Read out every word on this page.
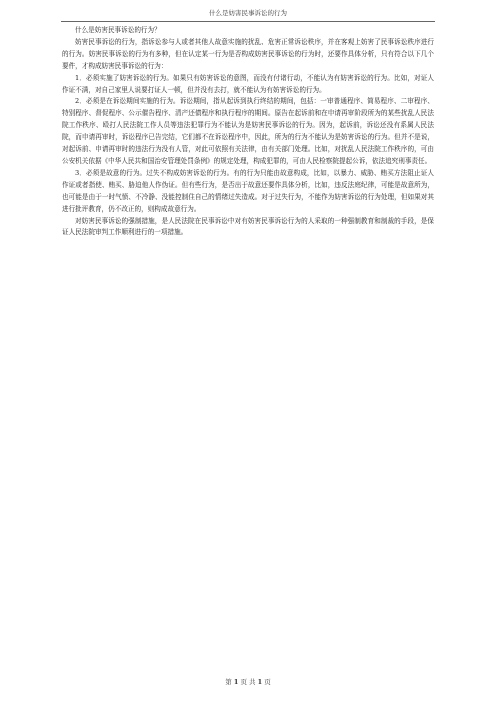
什么是妨害民事诉讼的行为

什么是妨害民事诉讼的行为？

妨害民事诉讼的行为，指诉讼参与人或者其他人故意实施的扰乱、危害正常诉讼秩序，并在客观上妨害了民事诉讼秩序进行的行为。妨害民事诉讼的行为有多种，但在认定某一行为是否构成妨害民事诉讼的行为时，还要作具体分析，只有符合以下几个要件，才构成妨害民事诉讼的行为：

1．必须实施了妨害诉讼的行为。如果只有妨害诉讼的意图，而没有付诸行动，不能认为有妨害诉讼的行为。比如，对证人作证不满，对自己家里人说要打证人一顿，但并没有去打，就不能认为有妨害诉讼的行为。

2．必须是在诉讼期间实施的行为。诉讼期间，指从起诉到执行终结的期间，包括：一审普通程序、简易程序、二审程序、特别程序、督促程序、公示催告程序、清产还债程序和执行程序的期间。原告在起诉前和在申请再审阶段所为的某些扰乱人民法院工作秩序、殴打人民法院工作人员等违法犯罪行为不能认为是妨害民事诉讼的行为。因为，起诉前，诉讼还没有系属人民法院，而申请再审时，诉讼程序已告完结，它们都不在诉讼程序中，因此，所为的行为不能认为是妨害诉讼的行为。但并不是说，对起诉前、申请再审时的违法行为没有人管，对此可依照有关法律，由有关部门处理。比如，对扰乱人民法院工作秩序的，可由公安机关依据《中华人民共和国治安管理处罚条例》的规定处理，构成犯罪的，可由人民检察院提起公诉，依法追究刑事责任。

3．必须是故意的行为。过失不构成妨害诉讼的行为。有的行为只能由故意构成，比如，以暴力、威胁、贿买方法阻止证人作证或者指使、贿买、胁迫他人作伪证。但有些行为，是否出于故意还要作具体分析，比如，违反法庭纪律，可能是故意所为，也可能是由于一时气愤、不冷静、没能控制住自己的情绪过失造成。对于过失行为，不能作为妨害诉讼的行为处理，但如果对其进行批评教育，仍不改正的，则构成故意行为。

对妨害民事诉讼的强制措施，是人民法院在民事诉讼中对有妨害民事诉讼行为的人采取的一种强制教育和制裁的手段，是保证人民法院审判工作顺利进行的一项措施。

第 1 页 共 1 页
